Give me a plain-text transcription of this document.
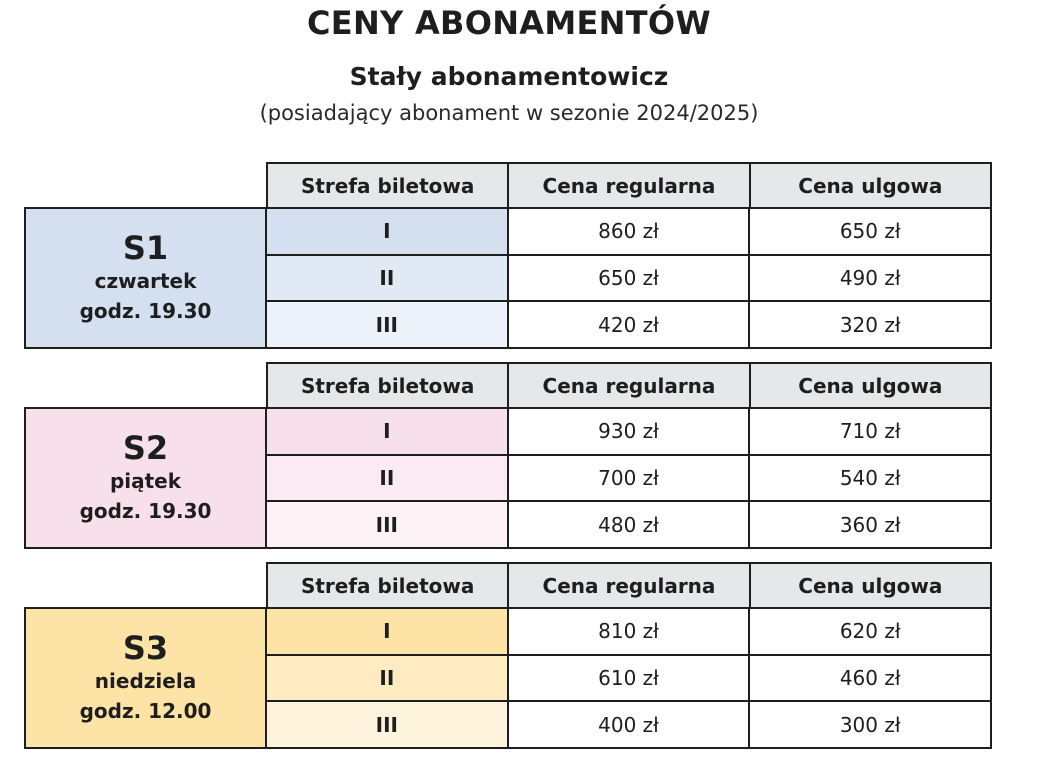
CENY ABONAMENTÓW
Stały abonamentowicz
(posiadający abonament w sezonie 2024/2025)
Strefa biletowa	Cena regularna	Cena ulgowa
S1
czwartek
godz. 19.30
I	860 zł	650 zł
II	650 zł	490 zł
III	420 zł	320 zł
Strefa biletowa	Cena regularna	Cena ulgowa
S2
piątek
godz. 19.30
I	930 zł	710 zł
II	700 zł	540 zł
III	480 zł	360 zł
Strefa biletowa	Cena regularna	Cena ulgowa
S3
niedziela
godz. 12.00
I	810 zł	620 zł
II	610 zł	460 zł
III	400 zł	300 zł
